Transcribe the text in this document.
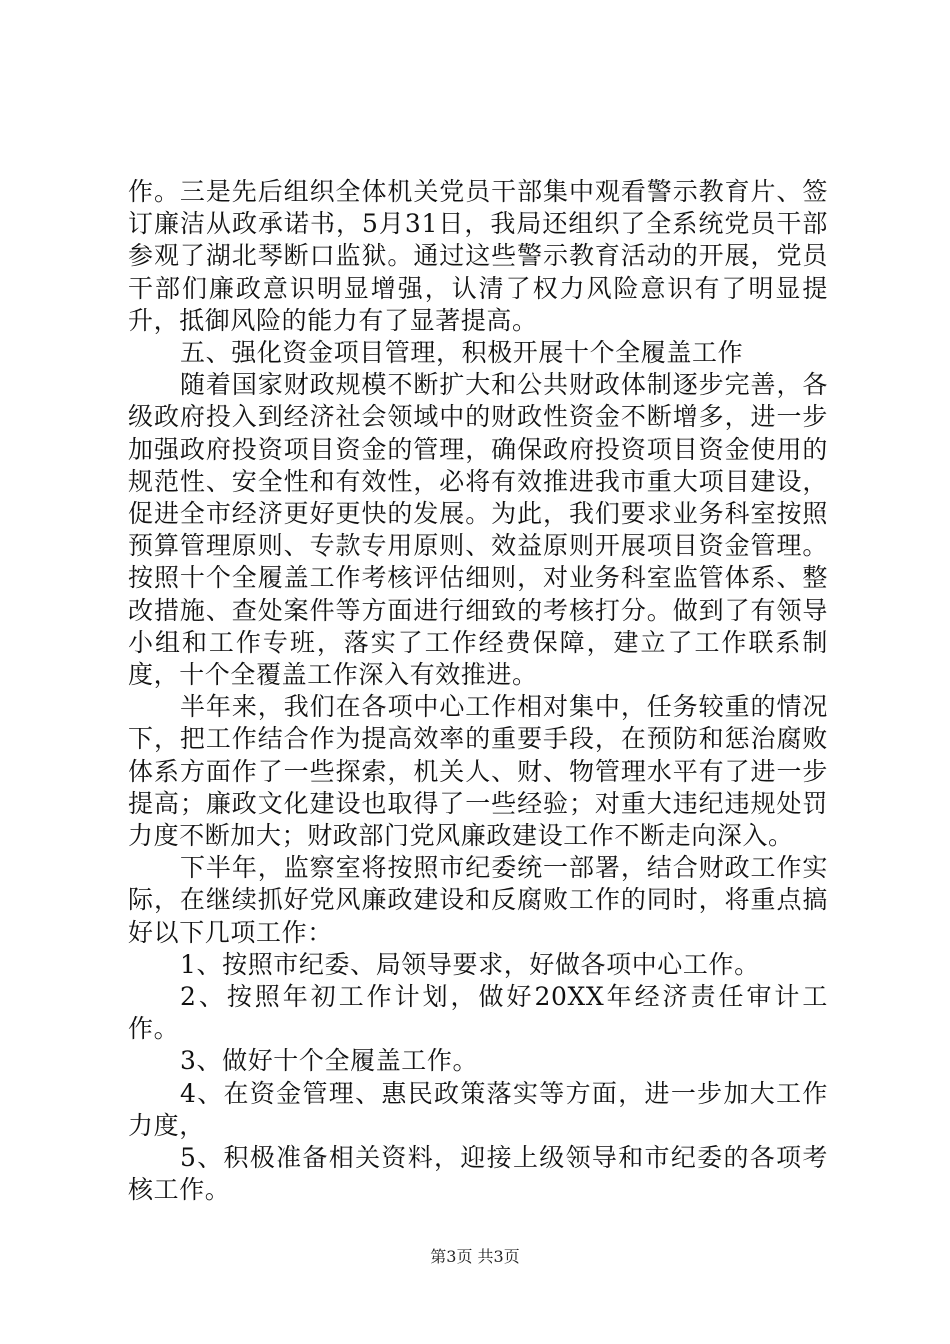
作。三是先后组织全体机关党员干部集中观看警示教育片、签订廉洁从政承诺书，5月31日，我局还组织了全系统党员干部参观了湖北琴断口监狱。通过这些警示教育活动的开展，党员干部们廉政意识明显增强，认清了权力风险意识有了明显提升，抵御风险的能力有了显著提高。

五、强化资金项目管理，积极开展十个全履盖工作

随着国家财政规模不断扩大和公共财政体制逐步完善，各级政府投入到经济社会领域中的财政性资金不断增多，进一步加强政府投资项目资金的管理，确保政府投资项目资金使用的规范性、安全性和有效性，必将有效推进我市重大项目建设，促进全市经济更好更快的发展。为此，我们要求业务科室按照预算管理原则、专款专用原则、效益原则开展项目资金管理。按照十个全履盖工作考核评估细则，对业务科室监管体系、整改措施、查处案件等方面进行细致的考核打分。做到了有领导小组和工作专班，落实了工作经费保障，建立了工作联系制度，十个全覆盖工作深入有效推进。

半年来，我们在各项中心工作相对集中，任务较重的情况下，把工作结合作为提高效率的重要手段，在预防和惩治腐败体系方面作了一些探索，机关人、财、物管理水平有了进一步提高；廉政文化建设也取得了一些经验；对重大违纪违规处罚力度不断加大；财政部门党风廉政建设工作不断走向深入。

下半年，监察室将按照市纪委统一部署，结合财政工作实际，在继续抓好党风廉政建设和反腐败工作的同时，将重点搞好以下几项工作：

1、按照市纪委、局领导要求，好做各项中心工作。

2、按照年初工作计划，做好20XX年经济责任审计工作。

3、做好十个全履盖工作。

4、在资金管理、惠民政策落实等方面，进一步加大工作力度，

5、积极准备相关资料，迎接上级领导和市纪委的各项考核工作。

第3页 共3页
